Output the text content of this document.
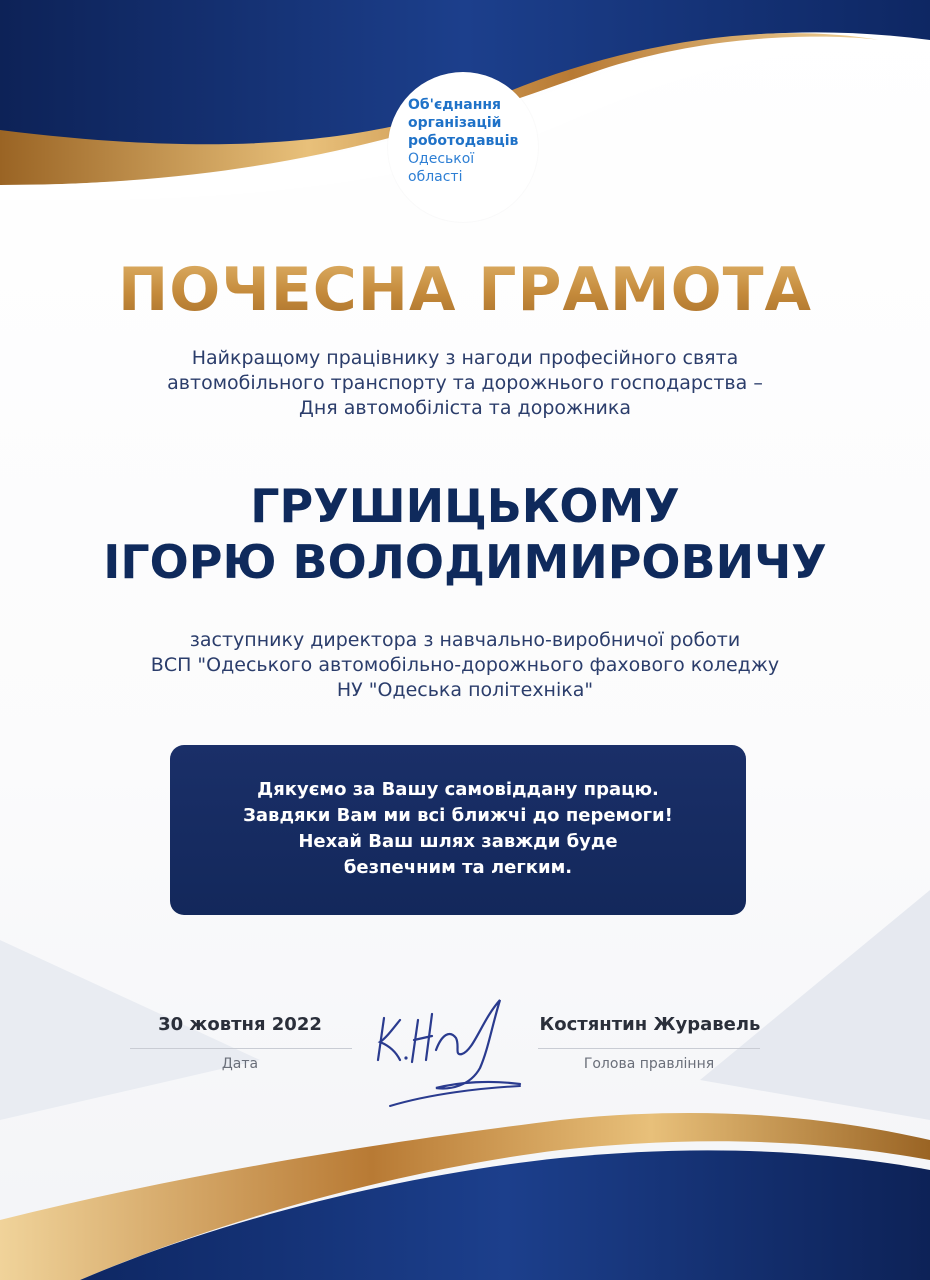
Об'єднання
організацій
роботодавців
Одеської
області
ПОЧЕСНА ГРАМОТА
Найкращому працівнику з нагоди професійного свята
автомобільного транспорту та дорожнього господарства –
Дня автомобіліста та дорожника
ГРУШИЦЬКОМУ
ІГОРЮ ВОЛОДИМИРОВИЧУ
заступнику директора з навчально-виробничої роботи
ВСП "Одеського автомобільно-дорожнього фахового коледжу
НУ "Одеська політехніка"
Дякуємо за Вашу самовіддану працю.
Завдяки Вам ми всі ближчі до перемоги!
Нехай Ваш шлях завжди буде
безпечним та легким.
30 жовтня 2022
Дата
Костянтин Журавель
Голова правління
